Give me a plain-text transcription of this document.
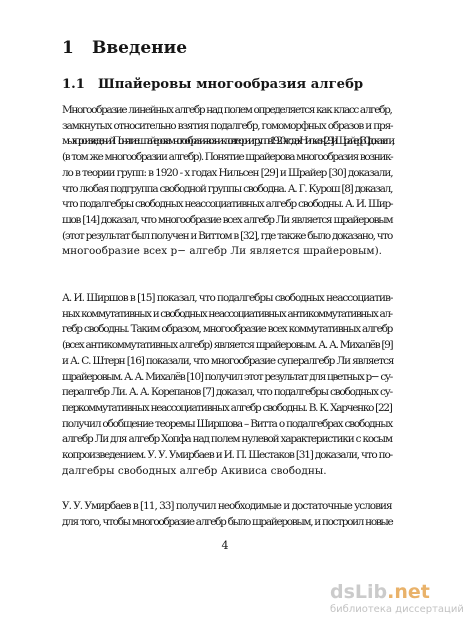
1 Введение
1.1 Шпайеровы многообразия алгебр
Многообразие линейных алгебр над полем определяется как класс алгебр,
замкнутых относительно взятия подалгебр, гомоморфных образов и пря-
мых произведений. Понятие шпайерова многообразия возникло в теории групп: в 1920 - х годах Нильсен [29] и Шрайер [30] доказали,
(в том же многообразии алгебр). Понятие шрайерова многообразия возник-
ло в теории групп: в 1920 - х годах Нильсен [29] и Шрайер [30] доказали,
что любая подгруппа свободной группы свободна. А. Г. Курош [8] доказал,
что подалгебры свободных неассоциативных алгебр свободны. А. И. Шир-
шов [14] доказал, что многообразие всех алгебр Ли является шрайеровым
(этот результат был получен и Виттом в [32], где также было доказано, что
многообразие всех p− алгебр Ли является шрайеровым).
А. И. Ширшов в [15] показал, что подалгебры свободных неассоциатив-
ных коммутативных и свободных неассоциативных антикоммутативных ал-
гебр свободны. Таким образом, многообразие всех коммутативных алгебр
(всех антикоммутативных алгебр) является шрайеровым. А. А. Михалёв [9]
и А. С. Штерн [16] показали, что многообразие супералгебр Ли является
шрайеровым. А. А. Михалёв [10] получил этот результат для цветных p− су-
пералгебр Ли. А. А. Корепанов [7] доказал, что подалгебры свободных су-
перкоммутативных неассоциативных алгебр свободны. В. К. Харченко [22]
получил обобщение теоремы Ширшова – Витта о подалгебрах свободных
алгебр Ли для алгебр Хопфа над полем нулевой характеристики с косым
копроизведением. У. У. Умирбаев и И. П. Шестаков [31] доказали, что по-
далгебры свободных алгебр Акивиса свободны.
У. У. Умирбаев в [11, 33] получил необходимые и достаточные условия
для того, чтобы многообразие алгебр было шрайеровым, и построил новые
4
dsLib.net
библиотека диссертаций
